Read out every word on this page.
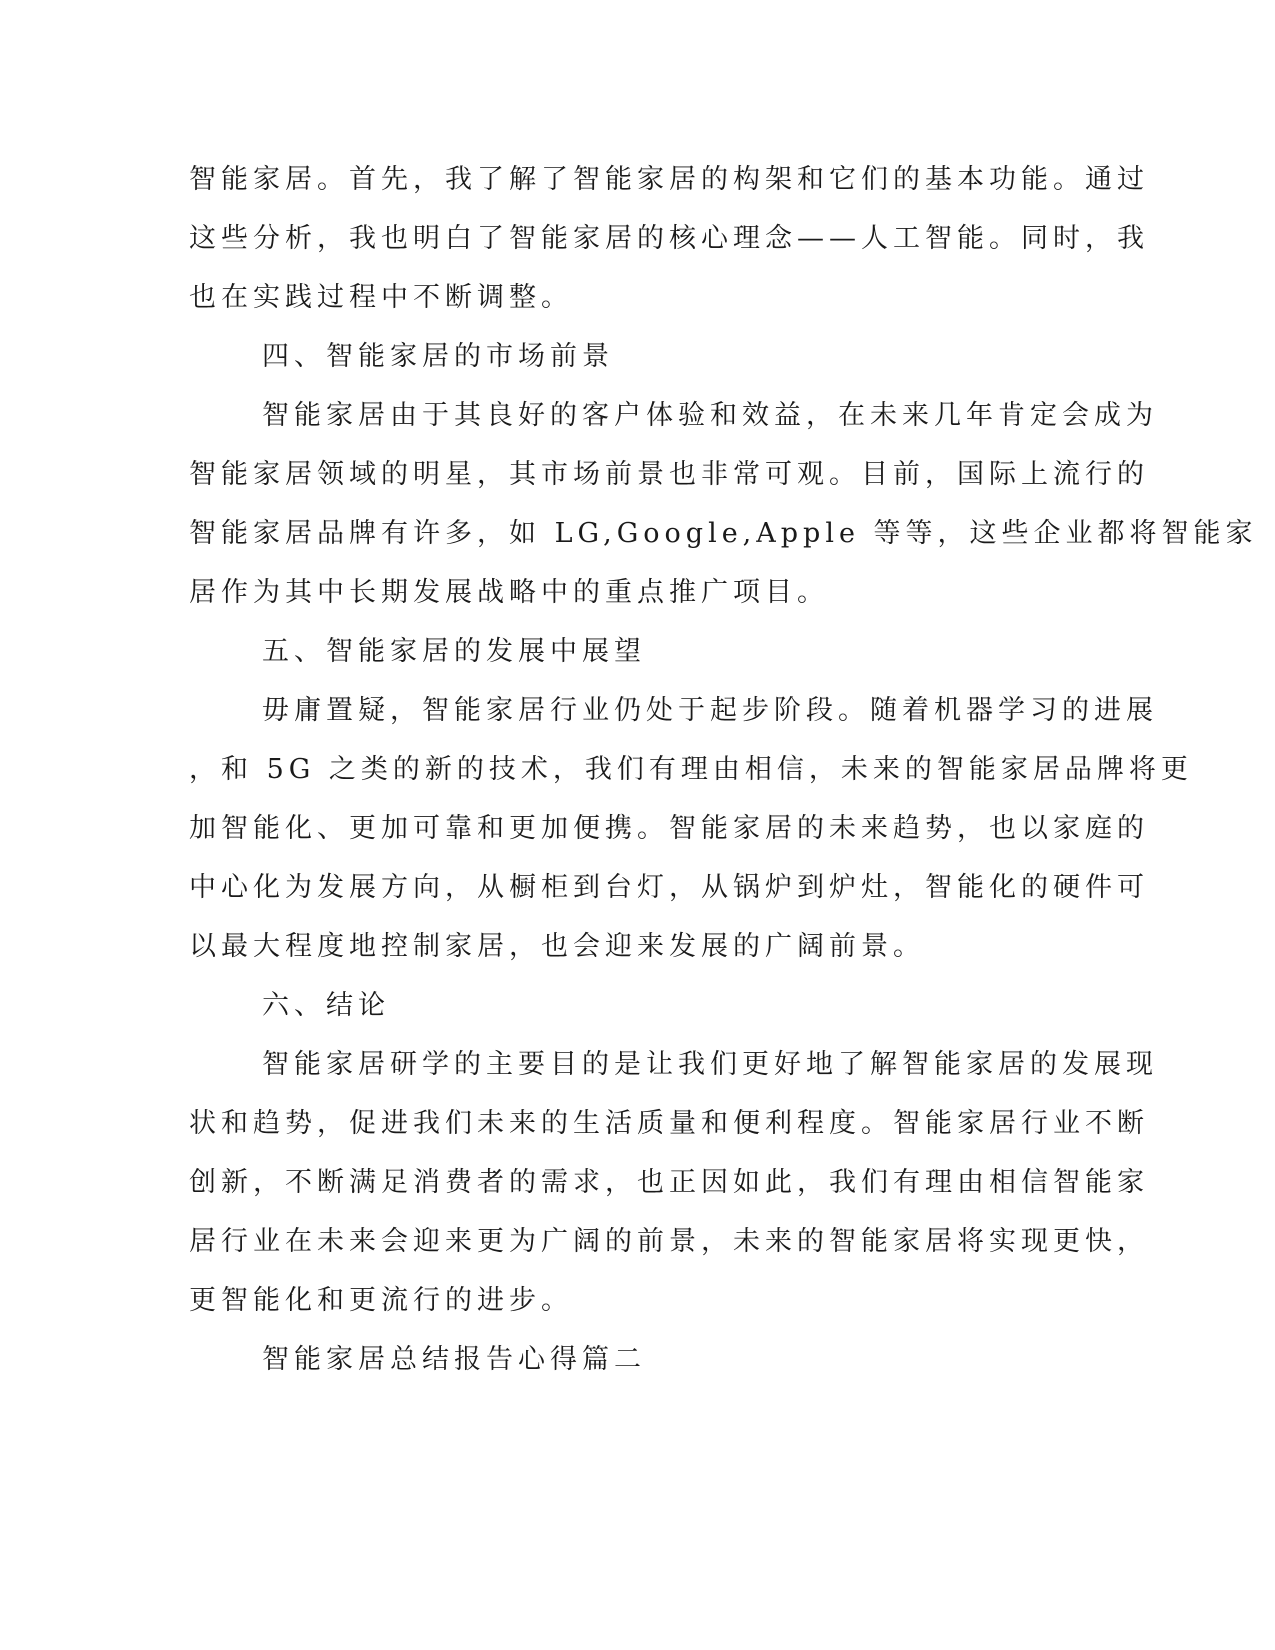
智能家居。首先，我了解了智能家居的构架和它们的基本功能。通过
这些分析，我也明白了智能家居的核心理念——人工智能。同时，我
也在实践过程中不断调整。
四、智能家居的市场前景
智能家居由于其良好的客户体验和效益，在未来几年肯定会成为
智能家居领域的明星，其市场前景也非常可观。目前，国际上流行的
智能家居品牌有许多，如 LG,Google,Apple 等等，这些企业都将智能家
居作为其中长期发展战略中的重点推广项目。
五、智能家居的发展中展望
毋庸置疑，智能家居行业仍处于起步阶段。随着机器学习的进展
，和 5G 之类的新的技术，我们有理由相信，未来的智能家居品牌将更
加智能化、更加可靠和更加便携。智能家居的未来趋势，也以家庭的
中心化为发展方向，从橱柜到台灯，从锅炉到炉灶，智能化的硬件可
以最大程度地控制家居，也会迎来发展的广阔前景。
六、结论
智能家居研学的主要目的是让我们更好地了解智能家居的发展现
状和趋势，促进我们未来的生活质量和便利程度。智能家居行业不断
创新，不断满足消费者的需求，也正因如此，我们有理由相信智能家
居行业在未来会迎来更为广阔的前景，未来的智能家居将实现更快，
更智能化和更流行的进步。
智能家居总结报告心得篇二
